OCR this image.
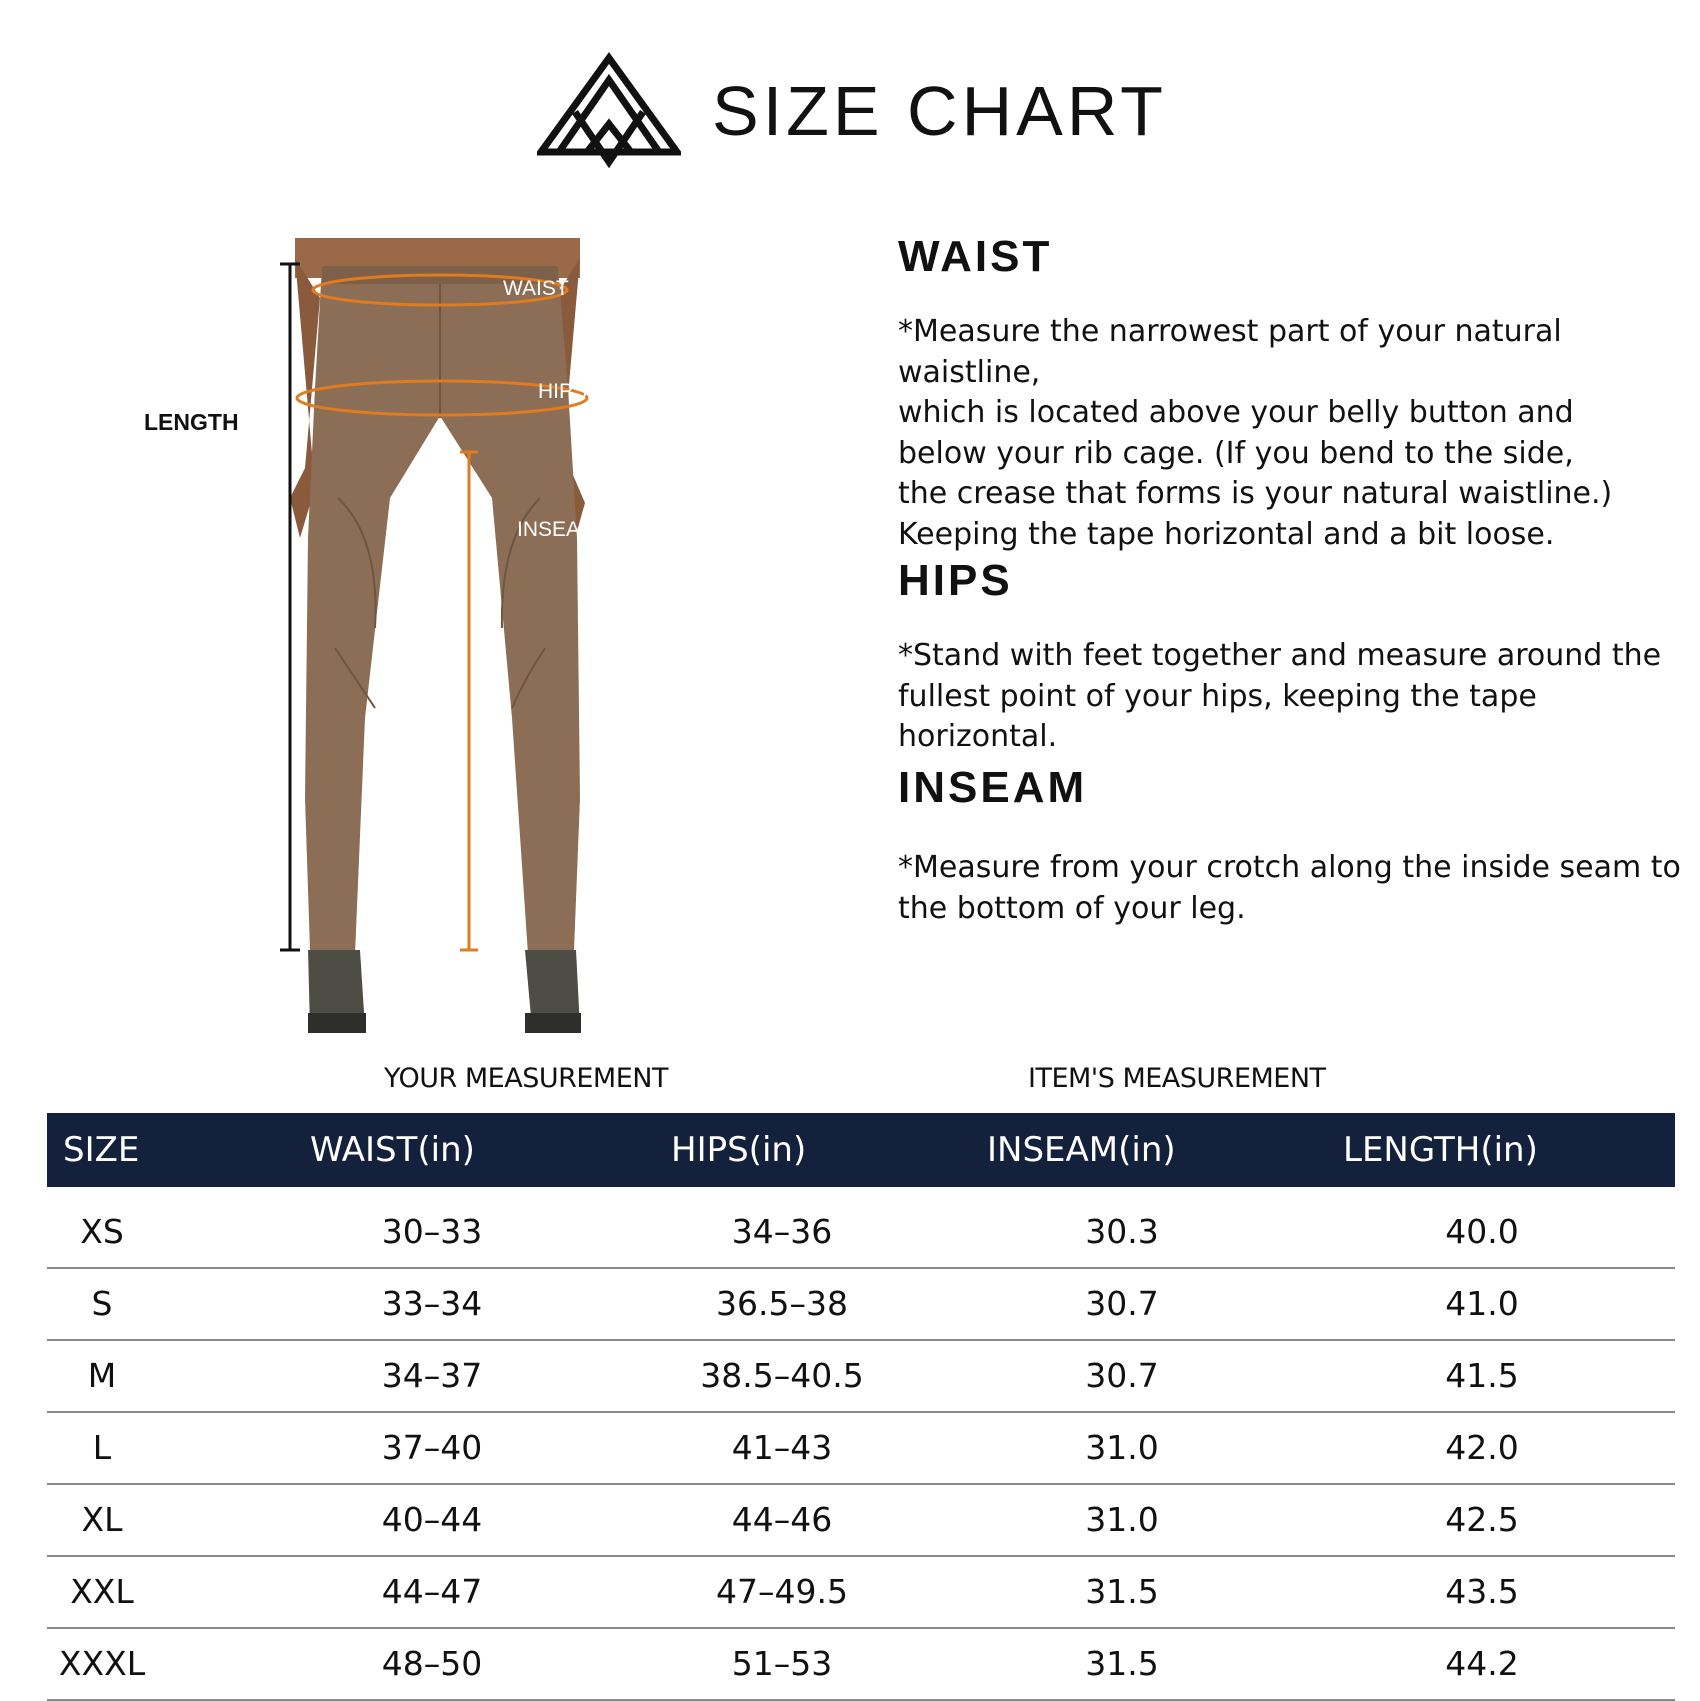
SIZE CHART
LENGTH
WAIST
HIPS
INSEAM
WAIST

*Measure the narrowest part of your natural waistline,
which is located above your belly button and
below your rib cage. (If you bend to the side,
the crease that forms is your natural waistline.)
Keeping the tape horizontal and a bit loose.

HIPS

*Stand with feet together and measure around the
fullest point of your hips, keeping the tape horizontal.

INSEAM

*Measure from your crotch along the inside seam to
the bottom of your leg.

YOUR MEASUREMENT	ITEM'S MEASUREMENT
SIZE	WAIST(in)	HIPS(in)	INSEAM(in)	LENGTH(in)
XS	30–33	34–36	30.3	40.0
S	33–34	36.5–38	30.7	41.0
M	34–37	38.5–40.5	30.7	41.5
L	37–40	41–43	31.0	42.0
XL	40–44	44–46	31.0	42.5
XXL	44–47	47–49.5	31.5	43.5
XXXL	48–50	51–53	31.5	44.2
